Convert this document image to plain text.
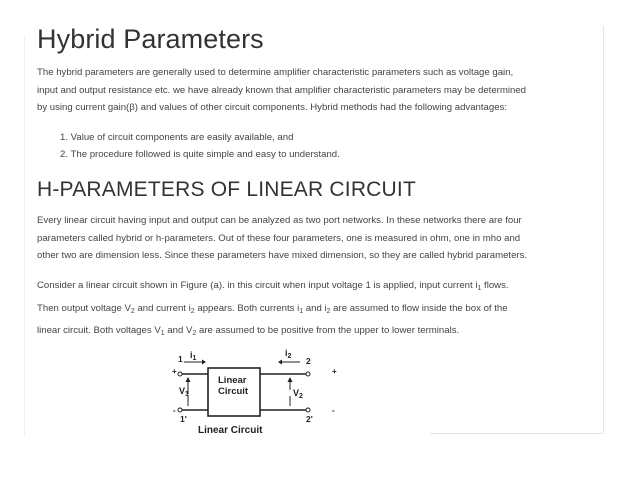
Hybrid Parameters
The hybrid parameters are generally used to determine amplifier characteristic parameters such as voltage gain,
input and output resistance etc. we have already known that amplifier characteristic parameters may be determined
by using current gain(β) and values of other circuit components. Hybrid methods had the following advantages:
1. Value of circuit components are easily available, and
2. The procedure followed is quite simple and easy to understand.
H-PARAMETERS OF LINEAR CIRCUIT
Every linear circuit having input and output can be analyzed as two port networks. In these networks there are four
parameters called hybrid or h-parameters. Out of these four parameters, one is measured in ohm, one in mho and
other two are dimension less. Since these parameters have mixed dimension, so they are called hybrid parameters.
Consider a linear circuit shown in Figure (a). in this circuit when input voltage 1 is applied, input current $i_1$ flows.
Then output voltage $V_2$ and current $i_2$ appears. Both currents $i_1$ and $i_2$ are assumed to flow inside the box of the
linear circuit. Both voltages $V_1$ and $V_2$ are assumed to be positive from the upper to lower terminals.
Linear
Circuit
$i_1$
$i_2$
$V_1$	$V_2$
1
1'
2
2'
+
-
+
-
Linear Circuit
